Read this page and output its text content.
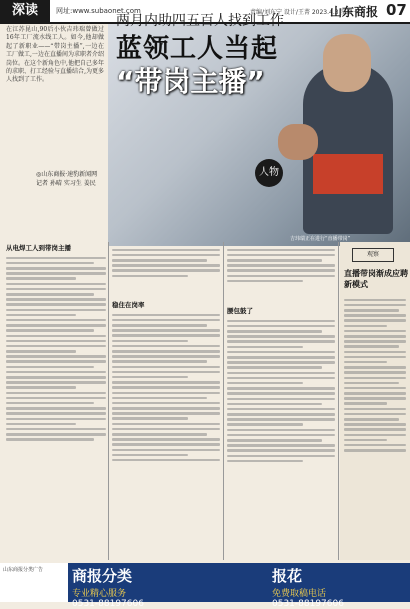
深读	网址:www.subaonet.com	责编/刘东宁 设计/王菁 2023.4.3 星期一
山东商报 07
两月内助四五百人找到工作
蓝领工人当起
“带岗主播”
人物
吉玮瑞正在进行“直播带岗”
在江苏昆山,90后小伙吉玮瑞曾做过16年工厂流水线工人。如今,他却做起了新职业——“带岗主播”,一边在工厂做工,一边在直播间为求职者介绍岗位。在这个新角色中,他把自己多年的求职、打工经验与直播结合,为更多人找到了工作。
◎山东商报·速豹新闻网
记者 孙晴 实习生 姜民
从电焊工人到带岗主播
稳住在岗率
腰包鼓了
观察
直播带岗渐成应聘新模式
山东商报分类广告	商报分类
专业精心服务
0531-88197606
报花
免费取稿电话
0531-88197606
